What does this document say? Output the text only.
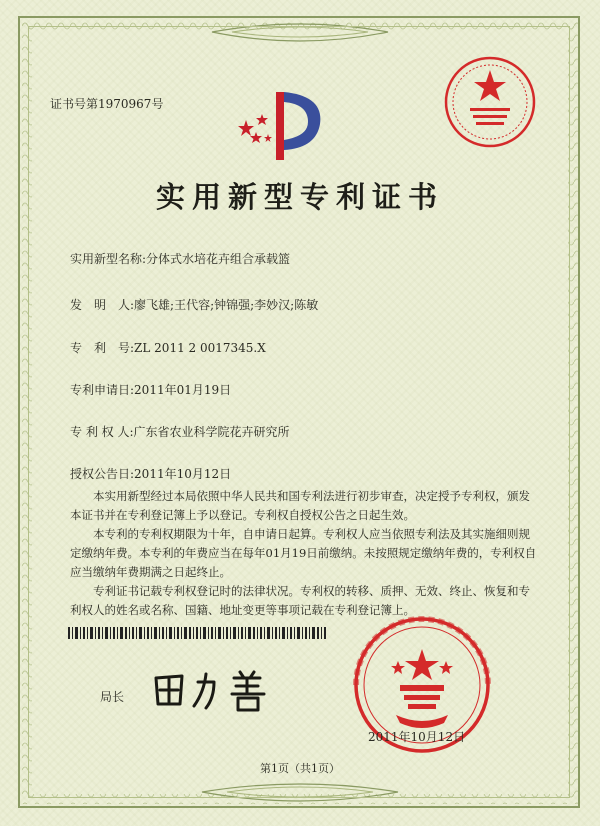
证书号第1970967号
实用新型专利证书
实用新型名称:分体式水培花卉组合承载篮
发　明　人:廖飞雄;王代容;钟锦强;李妙汉;陈敏
专　利　号:ZL 2011 2 0017345.X
专利申请日:2011年01月19日
专 利 权 人:广东省农业科学院花卉研究所
授权公告日:2011年10月12日
本实用新型经过本局依照中华人民共和国专利法进行初步审查，决定授予专利权，颁发本证书并在专利登记簿上予以登记。专利权自授权公告之日起生效。
本专利的专利权期限为十年，自申请日起算。专利权人应当依照专利法及其实施细则规定缴纳年费。本专利的年费应当在每年01月19日前缴纳。未按照规定缴纳年费的，专利权自应当缴纳年费期满之日起终止。
专利证书记载专利权登记时的法律状况。专利权的转移、质押、无效、终止、恢复和专利权人的姓名或名称、国籍、地址变更等事项记载在专利登记簿上。
局长
2011年10月12日
第1页（共1页）
